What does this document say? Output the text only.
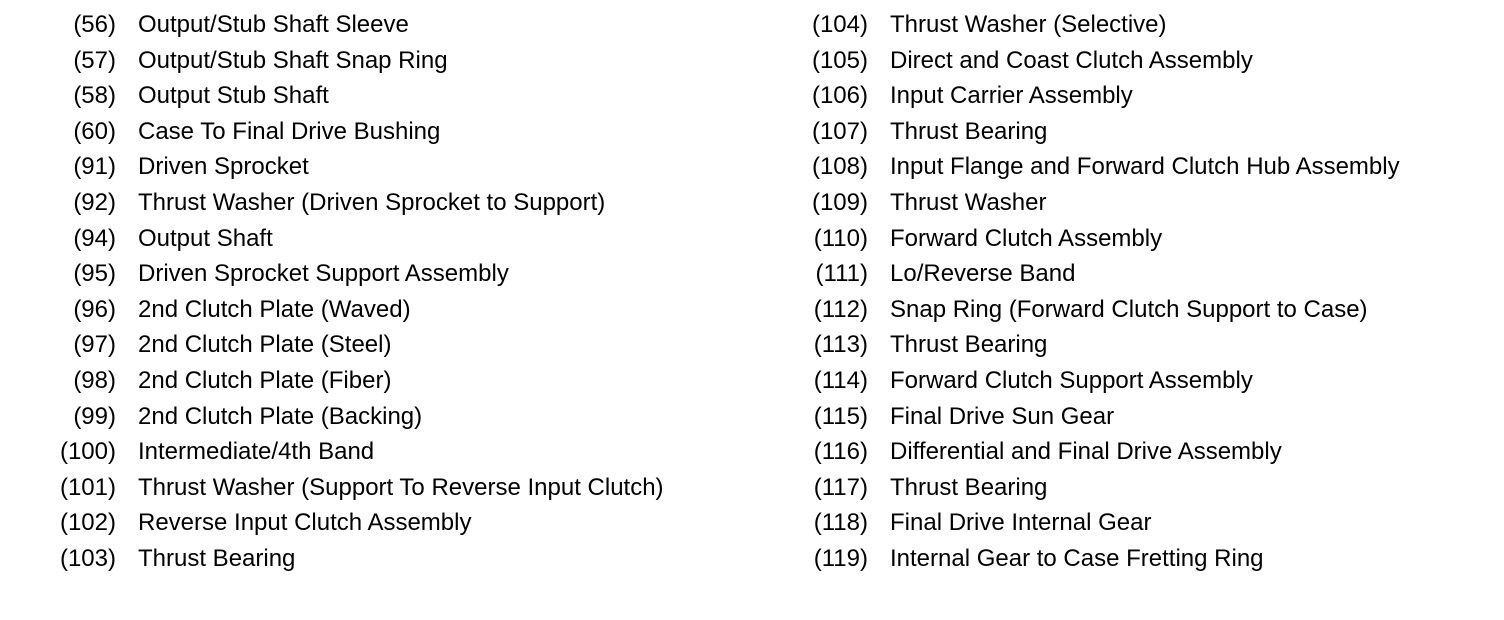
(56) Output/Stub Shaft Sleeve
(57) Output/Stub Shaft Snap Ring
(58) Output Stub Shaft
(60) Case To Final Drive Bushing
(91) Driven Sprocket
(92) Thrust Washer (Driven Sprocket to Support)
(94) Output Shaft
(95) Driven Sprocket Support Assembly
(96) 2nd Clutch Plate (Waved)
(97) 2nd Clutch Plate (Steel)
(98) 2nd Clutch Plate (Fiber)
(99) 2nd Clutch Plate (Backing)
(100) Intermediate/4th Band
(101) Thrust Washer (Support To Reverse Input Clutch)
(102) Reverse Input Clutch Assembly
(103) Thrust Bearing
(104) Thrust Washer (Selective)
(105) Direct and Coast Clutch Assembly
(106) Input Carrier Assembly
(107) Thrust Bearing
(108) Input Flange and Forward Clutch Hub Assembly
(109) Thrust Washer
(110) Forward Clutch Assembly
(111) Lo/Reverse Band
(112) Snap Ring (Forward Clutch Support to Case)
(113) Thrust Bearing
(114) Forward Clutch Support Assembly
(115) Final Drive Sun Gear
(116) Differential and Final Drive Assembly
(117) Thrust Bearing
(118) Final Drive Internal Gear
(119) Internal Gear to Case Fretting Ring
